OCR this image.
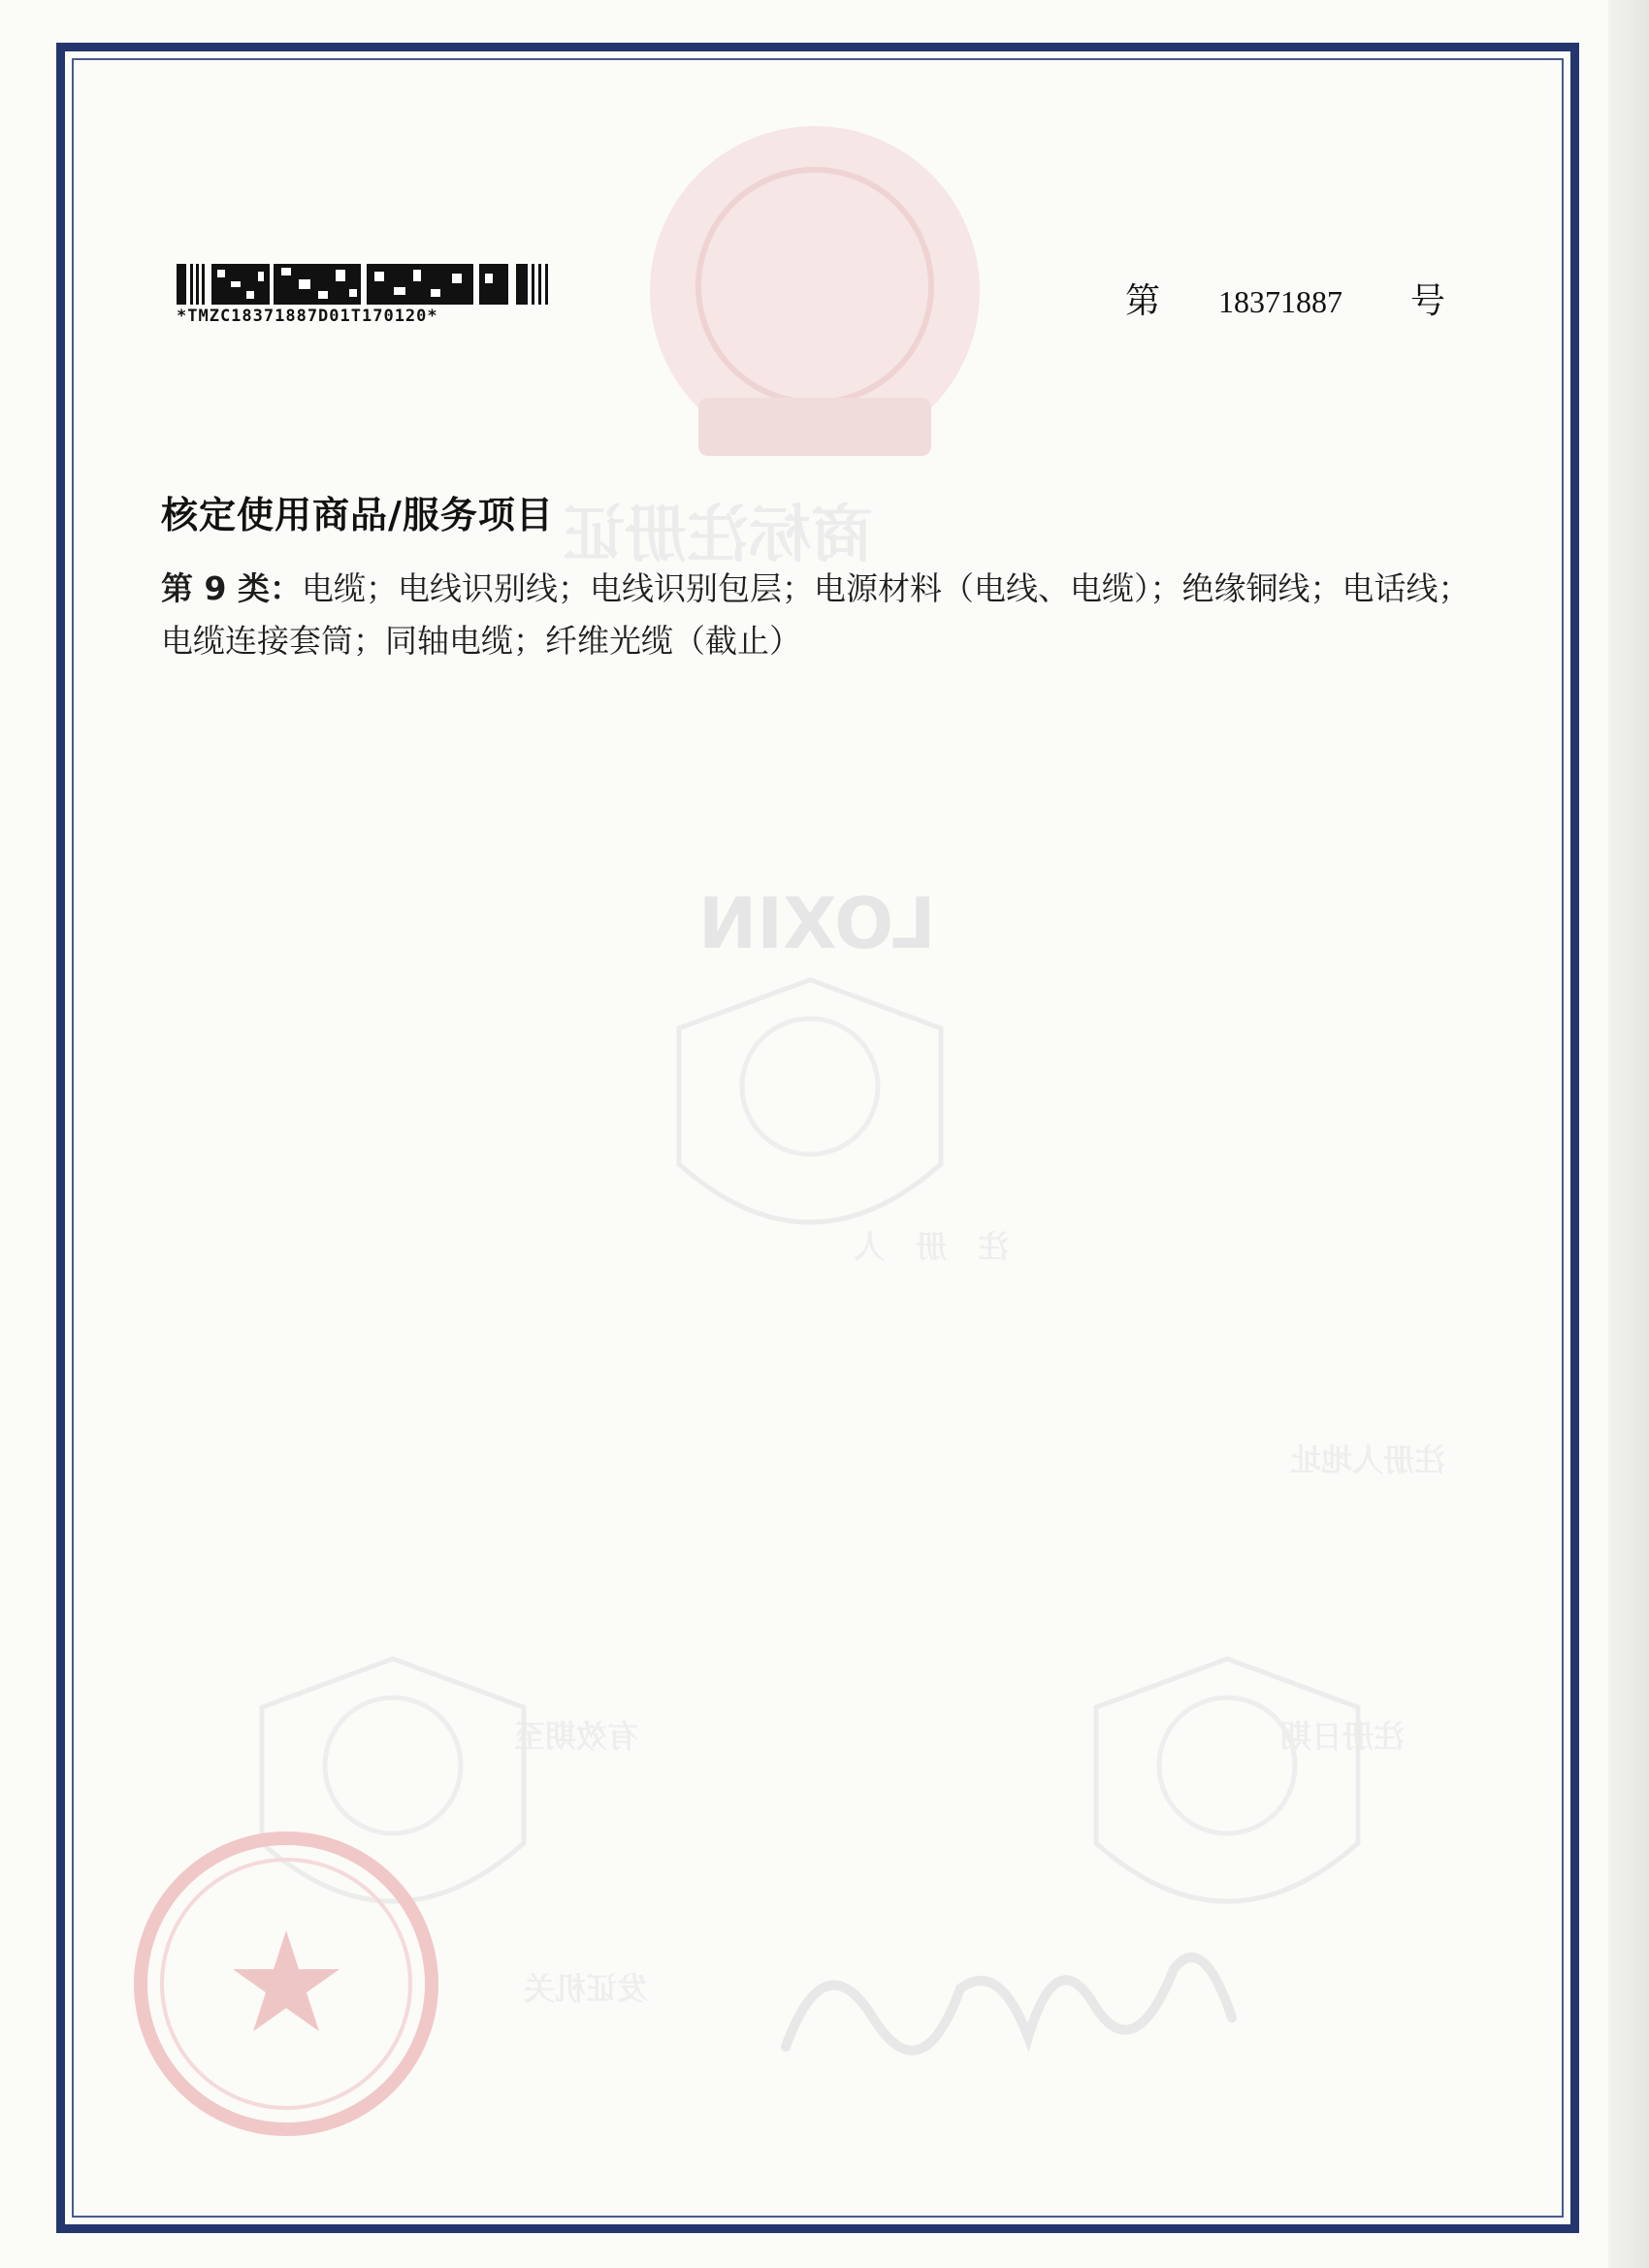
商标注册证
LOXIN
注　册　人
注册人地址
注册日期
有效期至
发证机关
*TMZC18371887D01T170120*	第 18371887 号
核定使用商品/服务项目
第 9 类：电缆；电线识别线；电线识别包层；电源材料（电线、电缆）；绝缘铜线；电话线；电缆连接套筒；同轴电缆；纤维光缆（截止）
